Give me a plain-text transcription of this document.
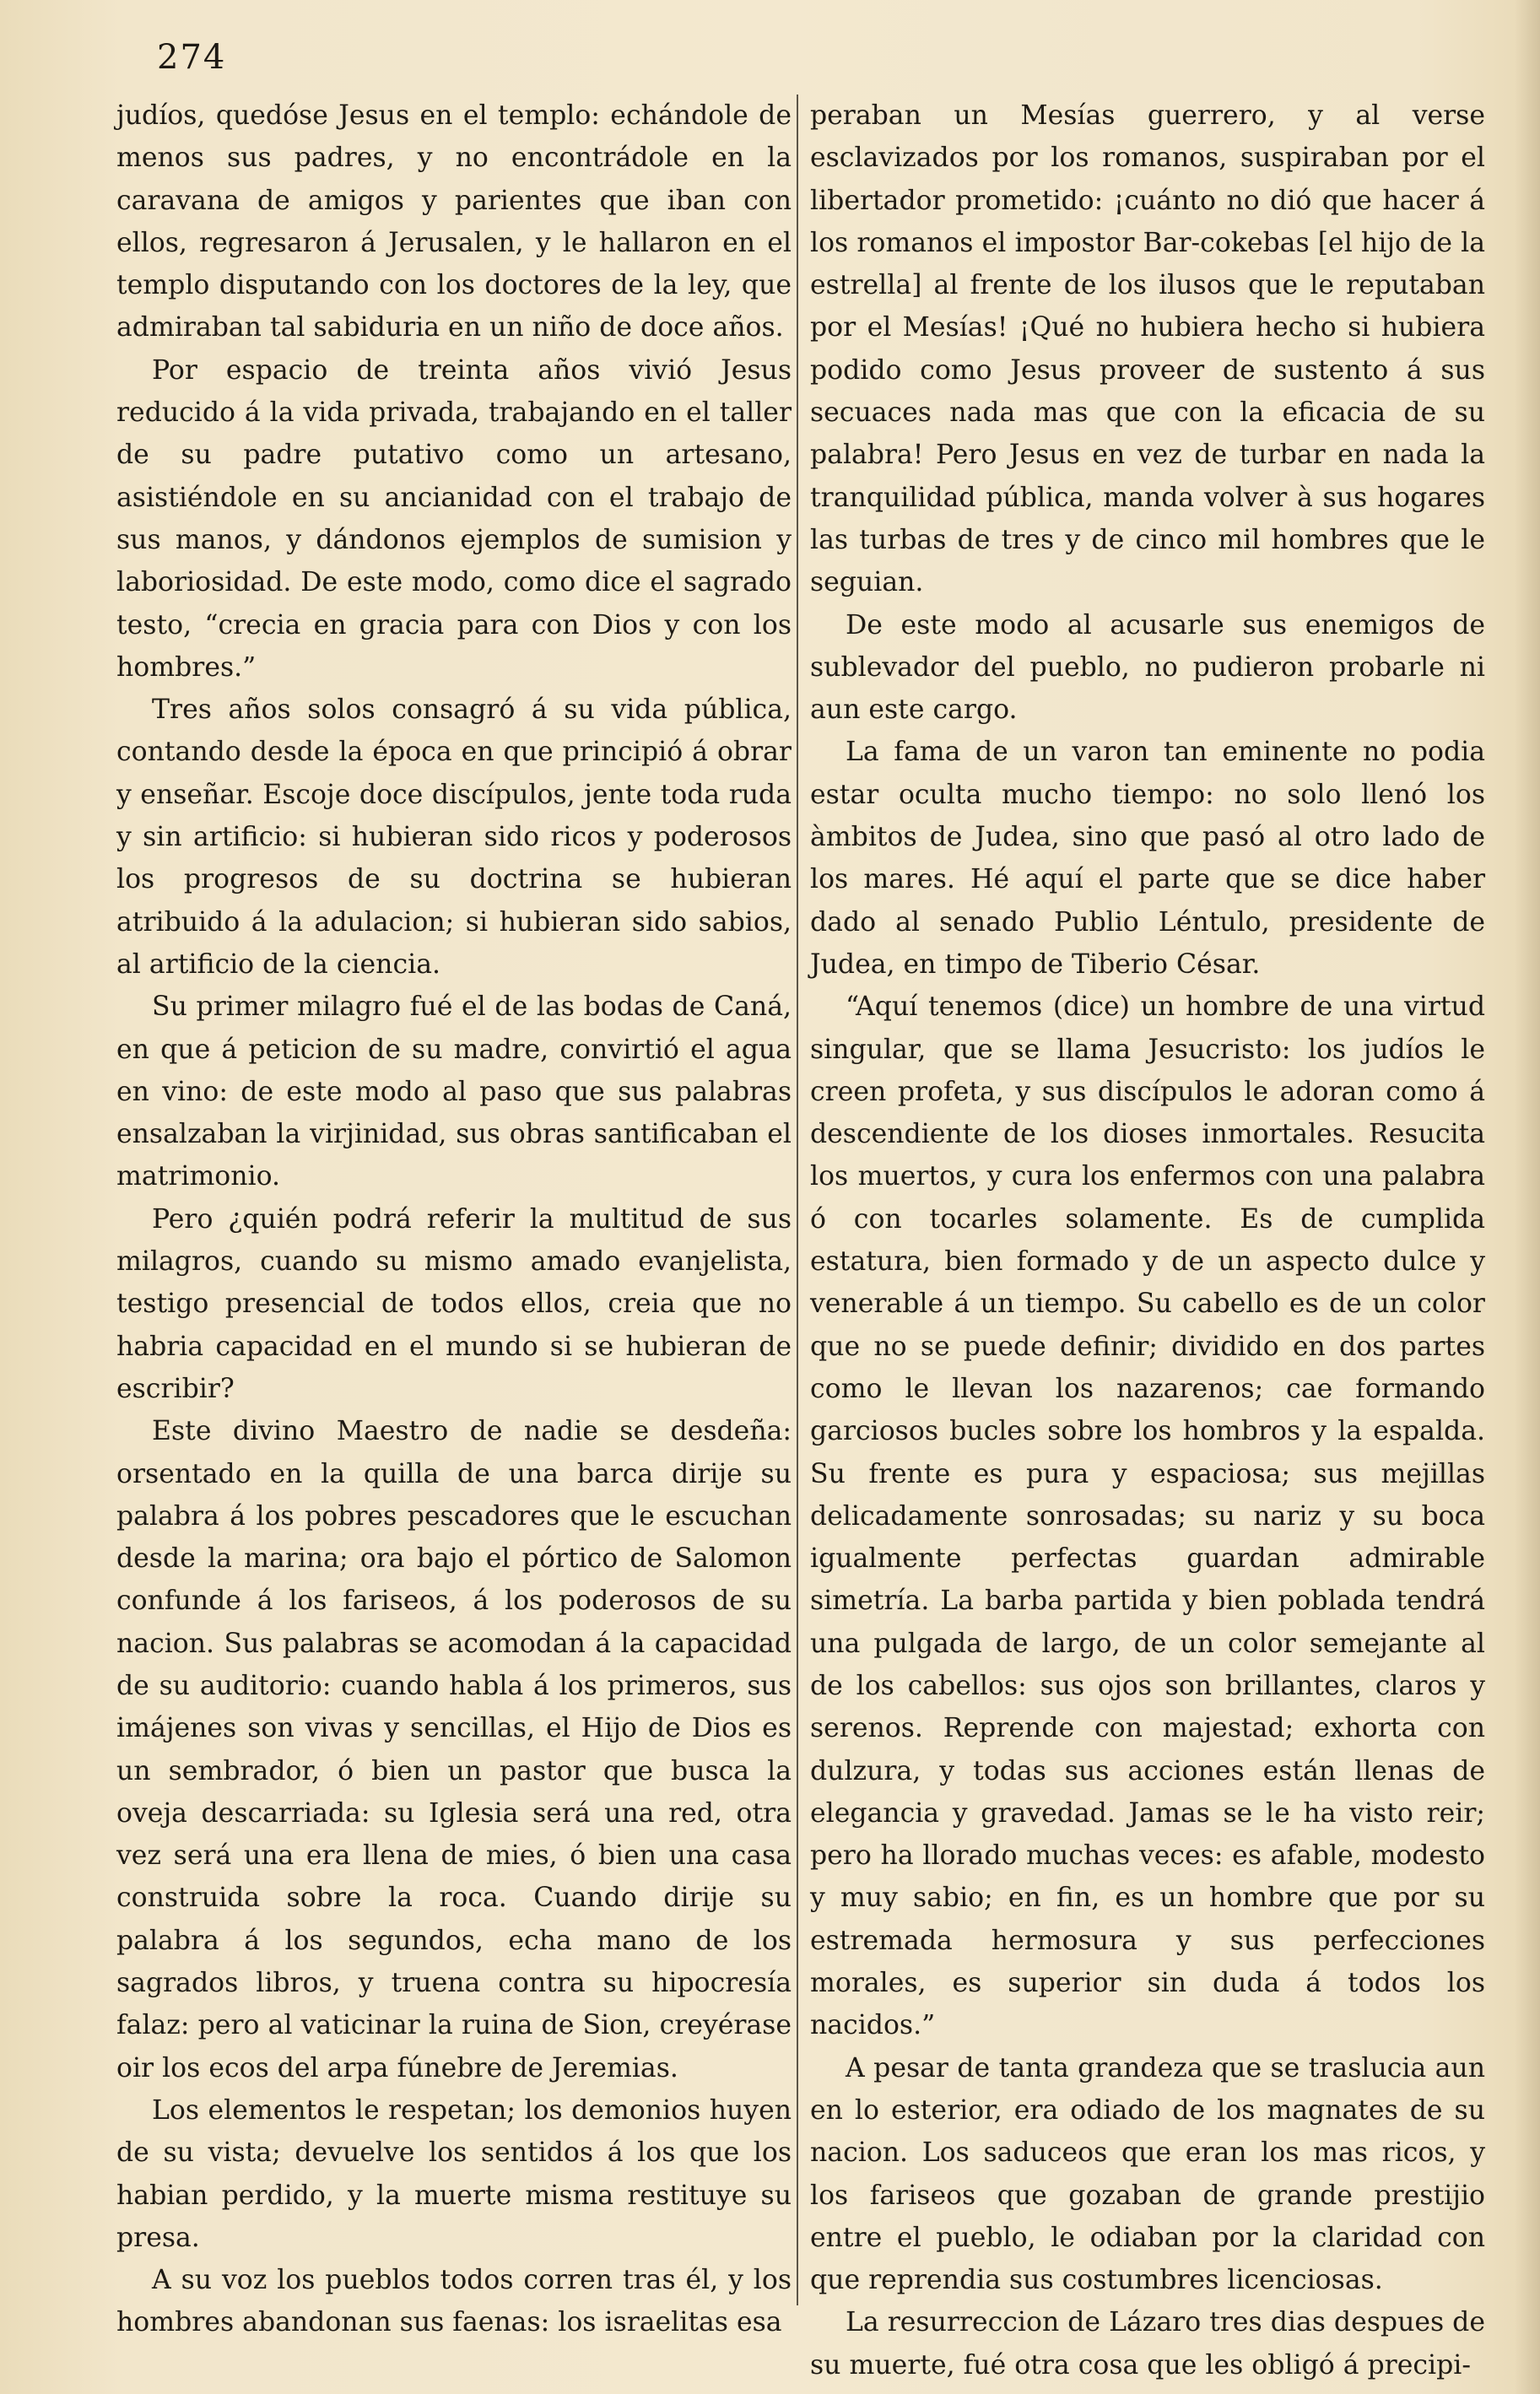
274

judíos, quedóse Jesus en el templo: echándole de menos sus padres, y no encontrádole en la caravana de amigos y parientes que iban con ellos, regresaron á Jerusalen, y le hallaron en el templo disputando con los doctores de la ley, que admiraban tal sabiduria en un niño de doce años.

Por espacio de treinta años vivió Jesus reducido á la vida privada, trabajando en el taller de su padre putativo como un artesano, asistiéndole en su ancianidad con el trabajo de sus manos, y dándonos ejemplos de sumision y laboriosidad. De este modo, como dice el sagrado testo, “crecia en gracia para con Dios y con los hombres.”

Tres años solos consagró á su vida pública, contando desde la época en que principió á obrar y enseñar. Escoje doce discípulos, jente toda ruda y sin artificio: si hubieran sido ricos y poderosos los progresos de su doctrina se hubieran atribuido á la adulacion; si hubieran sido sabios, al artificio de la ciencia.

Su primer milagro fué el de las bodas de Caná, en que á peticion de su madre, convirtió el agua en vino: de este modo al paso que sus palabras ensalzaban la virjinidad, sus obras santificaban el matrimonio.

Pero ¿quién podrá referir la multitud de sus milagros, cuando su mismo amado evanjelista, testigo presencial de todos ellos, creia que no habria capacidad en el mundo si se hubieran de escribir?

Este divino Maestro de nadie se desdeña: orsentado en la quilla de una barca dirije su palabra á los pobres pescadores que le escuchan desde la marina; ora bajo el pórtico de Salomon confunde á los fariseos, á los poderosos de su nacion. Sus palabras se acomodan á la capacidad de su auditorio: cuando habla á los primeros, sus imájenes son vivas y sencillas, el Hijo de Dios es un sembrador, ó bien un pastor que busca la oveja descarriada: su Iglesia será una red, otra vez será una era llena de mies, ó bien una casa construida sobre la roca. Cuando dirije su palabra á los segundos, echa mano de los sagrados libros, y truena contra su hipocresía falaz: pero al vaticinar la ruina de Sion, creyérase oir los ecos del arpa fúnebre de Jeremias.

Los elementos le respetan; los demonios huyen de su vista; devuelve los sentidos á los que los habian perdido, y la muerte misma restituye su presa.

A su voz los pueblos todos corren tras él, y los hombres abandonan sus faenas: los israelitas esa

peraban un Mesías guerrero, y al verse esclavizados por los romanos, suspiraban por el libertador prometido: ¡cuánto no dió que hacer á los romanos el impostor Bar-cokebas [el hijo de la estrella] al frente de los ilusos que le reputaban por el Mesías! ¡Qué no hubiera hecho si hubiera podido como Jesus proveer de sustento á sus secuaces nada mas que con la eficacia de su palabra! Pero Jesus en vez de turbar en nada la tranquilidad pública, manda volver à sus hogares las turbas de tres y de cinco mil hombres que le seguian.

De este modo al acusarle sus enemigos de sublevador del pueblo, no pudieron probarle ni aun este cargo.

La fama de un varon tan eminente no podia estar oculta mucho tiempo: no solo llenó los àmbitos de Judea, sino que pasó al otro lado de los mares. Hé aquí el parte que se dice haber dado al senado Publio Léntulo, presidente de Judea, en timpo de Tiberio César.

“Aquí tenemos (dice) un hombre de una virtud singular, que se llama Jesucristo: los judíos le creen profeta, y sus discípulos le adoran como á descendiente de los dioses inmortales. Resucita los muertos, y cura los enfermos con una palabra ó con tocarles solamente. Es de cumplida estatura, bien formado y de un aspecto dulce y venerable á un tiempo. Su cabello es de un color que no se puede definir; dividido en dos partes como le llevan los nazarenos; cae formando garciosos bucles sobre los hombros y la espalda. Su frente es pura y espaciosa; sus mejillas delicadamente sonrosadas; su nariz y su boca igualmente perfectas guardan admirable simetría. La barba partida y bien poblada tendrá una pulgada de largo, de un color semejante al de los cabellos: sus ojos son brillantes, claros y serenos. Reprende con majestad; exhorta con dulzura, y todas sus acciones están llenas de elegancia y gravedad. Jamas se le ha visto reir; pero ha llorado muchas veces: es afable, modesto y muy sabio; en fin, es un hombre que por su estremada hermosura y sus perfecciones morales, es superior sin duda á todos los nacidos.”

A pesar de tanta grandeza que se traslucia aun en lo esterior, era odiado de los magnates de su nacion. Los saduceos que eran los mas ricos, y los fariseos que gozaban de grande prestijio entre el pueblo, le odiaban por la claridad con que reprendia sus costumbres licenciosas.

La resurreccion de Lázaro tres dias despues de su muerte, fué otra cosa que les obligó á precipi-
